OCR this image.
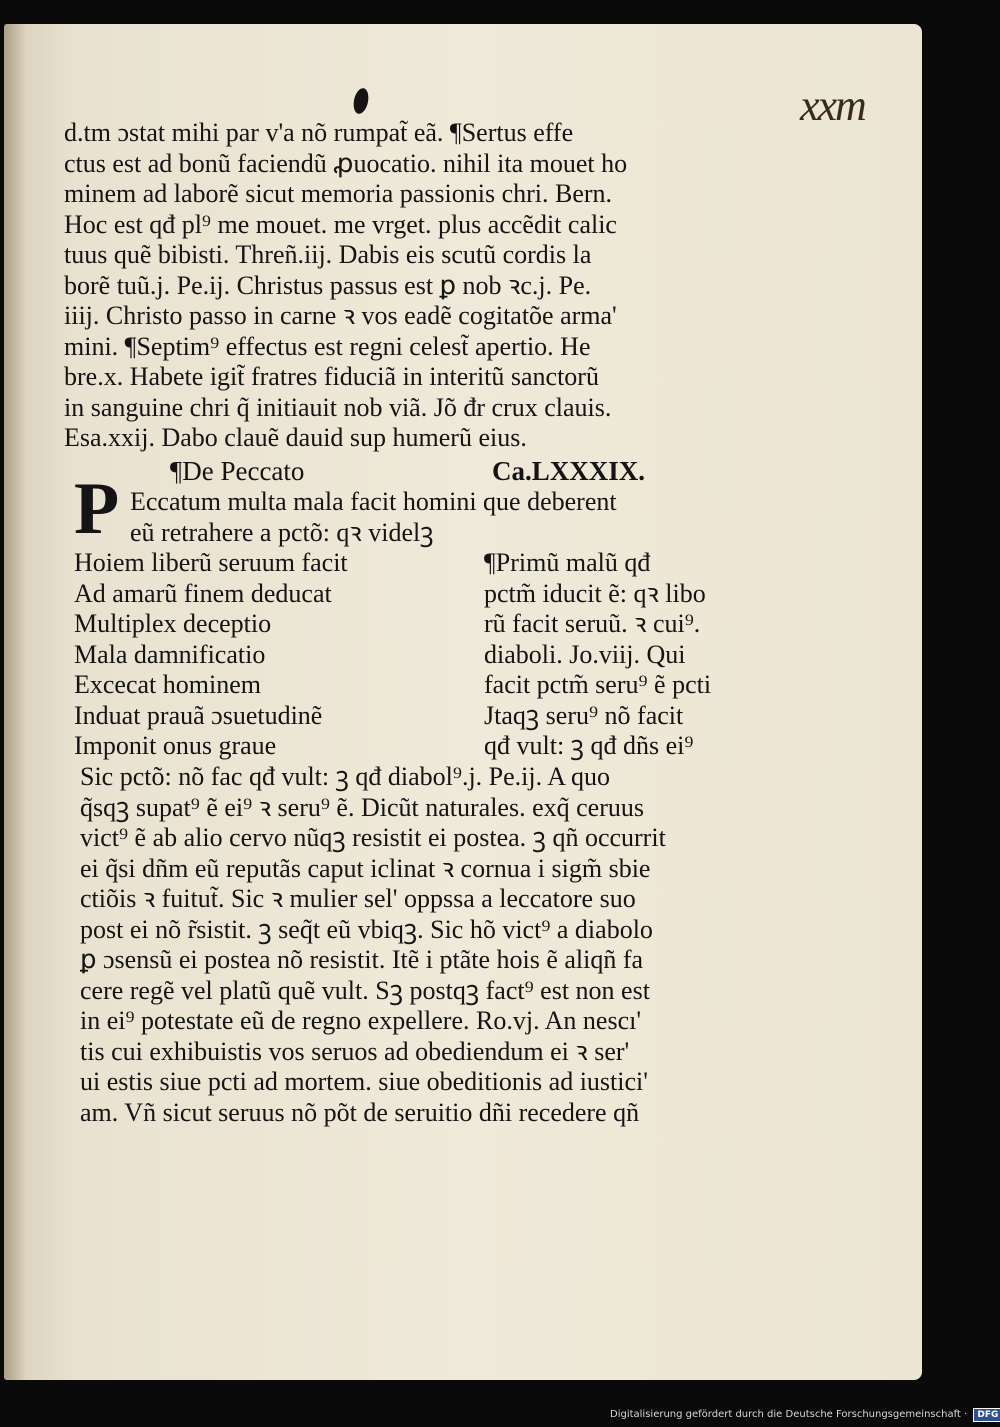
ххт
d.tm ɔstat mihi par v'a nõ rumpat̃ eã. ¶Sertus effe
ctus est ad bonũ faciendũ ꝓuocatio. nihil ita mouet ho
minem ad laborẽ sicut memoria passionis chri. Bern.
Hoc est qđ pl⁹ me mouet. me vrget. plus accẽdit calic
tuus quẽ bibisti. Threñ.iij. Dabis eis scutũ cordis la
borẽ tuũ.j. Pe.ij. Christus passus est ꝑ nob ꝛc.j. Pe.
iiij. Christo passo in carne ꝛ vos eadẽ cogitatõe arma'
mini. ¶Septim⁹ effectus est regni celest̃ apertio. He
bre.x. Habete igit̃ fratres fiduciã in interitũ sanctorũ
in sanguine chri q̃ initiauit nob viã. Jõ đr crux clauis.
Esa.xxij. Dabo clauẽ dauid sup humerũ eius.
¶De Peccato	Ca.LXXXIX.
P Eccatum multa mala facit homini que deberent
eũ retrahere a pctõ: qꝛ videlꝫ
Hoiem liberũ seruum facit
Ad amarũ finem deducat
Multiplex deceptio
Mala damnificatio
Excecat hominem
Induat prauã ɔsuetudinẽ
Imponit onus graue
¶Primũ malũ qđ
pctm̃ iducit ẽ: qꝛ libo
rũ facit seruũ. ꝛ cui⁹.
diaboli. Jo.viij. Qui
facit pctm̃ seru⁹ ẽ pcti
Jtaqꝫ seru⁹ nõ facit
qđ vult: ꝫ qđ dñs ei⁹
Sic pctõ: nõ fac qđ vult: ꝫ qđ diabol⁹.j. Pe.ij. A quo
q̃sqꝫ supat⁹ ẽ ei⁹ ꝛ seru⁹ ẽ. Dicũt naturales. exq̃ ceruus
vict⁹ ẽ ab alio cervo nũqꝫ resistit ei postea. ꝫ qñ occurrit
ei q̃si dñm eũ reputãs caput iclinat ꝛ cornua i sigm̃ sbie
ctiõis ꝛ fuitut̃. Sic ꝛ mulier sel' oppssa a leccatore suo
post ei nõ r̃sistit. ꝫ seq̃t eũ vbiqꝫ. Sic hõ vict⁹ a diabolo
ꝑ ɔsensũ ei postea nõ resistit. Itẽ i ptãte hois ẽ aliqñ fa
cere regẽ vel platũ quẽ vult. Sꝫ postqꝫ fact⁹ est non est
in ei⁹ potestate eũ de regno expellere. Ro.vj. An nescı'
tis cui exhibuistis vos seruos ad obediendum ei ꝛ ser'
ui estis siue pcti ad mortem. siue obeditionis ad iustici'
am. Vñ sicut seruus nõ põt de seruitio dñi recedere qñ
Digitalisierung gefördert durch die Deutsche Forschungsgemeinschaft · DFG
